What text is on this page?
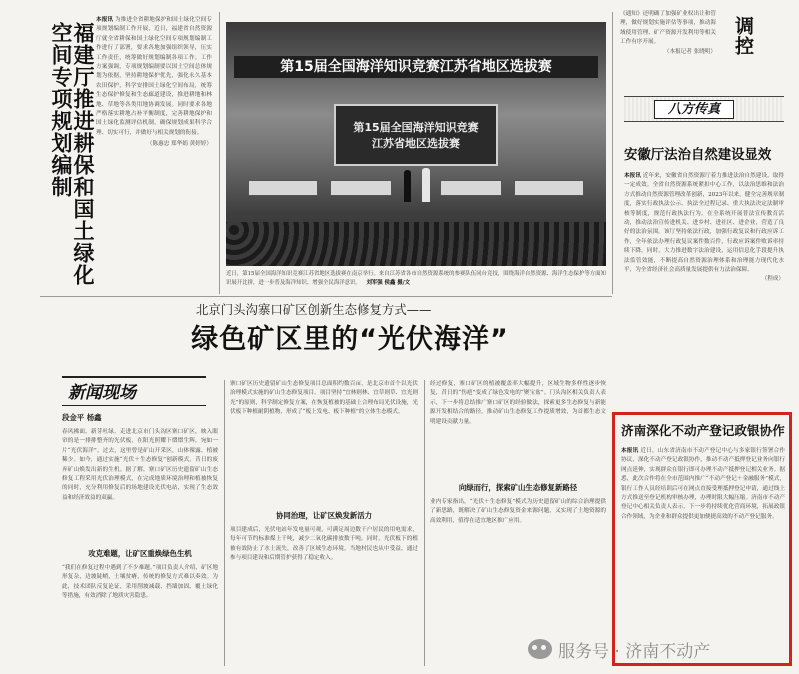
福建厅推进耕保和国土绿化空间专项规划编制
本报讯 为推进全省耕地保护和国土绿化空间专项规划编制工作开展，近日，福建省自然资源厅就全省耕保和国土绿化空间专项规划编制工作进行了部署，要求各地加强组织领导，压实工作责任，统筹做好规划编制各项工作。工作方案强调，专项规划编制要以国土空间总体规划为依据，坚持耕地保护优先，强化永久基本农田保护，科学安排国土绿化空间布局，统筹生态保护修复和生态廊道建设，推进耕地和林地、草地等各类用地协调发展。同时要求各地严格落实耕地占补平衡制度，完善耕地保护和国土绿化监测评估机制，确保规划成果科学合理、切实可行，并做好与相关规划的衔接。
（陈惠忠 郑华娟 黄婷婷）
第15届全国海洋知识竞赛江苏省地区选拔赛
第15届全国海洋知识竞赛
江苏省地区选拔赛
近日，第15届全国海洋知识竞赛江苏省地区选拔赛在南京举行。来自江苏省各市自然资源系统的参赛队伍同台竞技，围绕海洋自然资源、海洋生态保护等方面知识展开比拼，进一步普及海洋知识、增强全民海洋意识。 刘军强 侯鑫 摄/文
《通知》还明确了加强矿业权出让和管理，做好规划实施评估等事项，推动海域使用管理、矿产资源开发利用等相关工作有序开展。
（本报记者 张晓明） 调控
八方传真
安徽厅法治自然建设显效
本报讯 近年来，安徽省自然资源厅着力推进法治自然建设，取得一定成效。全省自然资源系统紧扣中心工作，以法治思维和法治方式推动自然资源管理改革创新，2023年以来，健全完善规章制度，落实行政执法公示、执法全过程记录、重大执法决定法制审核等制度，规范行政执法行为。在全系统开展普法宣传教育活动，推动法治宣传进机关、进乡村、进社区、进企业，营造了良好的法治氛围。该厅坚持依法行政，加强行政复议和行政应诉工作，全年依法办理行政复议案件数百件，行政应诉案件败诉率持续下降。同时，大力推进数字法治建设，运用信息化手段提升执法监管效能，不断提高自然资源治理体系和治理能力现代化水平，为全省经济社会高质量发展提供有力法治保障。
（程成）
北京门头沟寨口矿区创新生态修复方式——
绿色矿区里的“光伏海洋”
新闻现场
段金平 杨鑫
春风拂面，新芽吐绿。走进北京市门头沟区寨口矿区，映入眼帘的是一排排整齐的光伏板，在阳光照耀下熠熠生辉，宛如一片“光伏海洋”。过去，这里曾是矿山开采区，山体裸露、植被稀少。如今，通过实施“光伏＋生态修复”创新模式，昔日的废弃矿山焕发出新的生机。据了解，寨口矿区历史遗留矿山生态修复工程采用光伏治理模式，在完成地质环境治理和植被恢复的同时，充分利用修复后的场地建设光伏电站，实现了生态效益和经济效益的双赢。
攻克难题，让矿区重焕绿色生机
“我们在修复过程中遇到了不少难题。”项目负责人介绍，矿区地形复杂，边坡陡峭，土壤贫瘠，传统的修复方式难以奏效。为此，技术团队反复论证，采用削坡减载、挡墙加固、覆土绿化等措施，有效消除了地质灾害隐患。
寨口矿区历史遗留矿山生态修复项目总面积约数百亩，是北京市首个以光伏治理模式实施的矿山生态修复项目。项目坚持“宜林则林、宜草则草、宜光则光”的原则，科学制定修复方案，在恢复植被的基础上合理布局光伏设施，光伏板下种植耐阴植物，形成了“板上发电、板下种植”的立体生态模式。
协同治理，让矿区焕发新活力
项目建成后，光伏电站年发电量可观，可满足周边数千户居民的用电需求，每年可节约标准煤上千吨，减少二氧化碳排放数千吨。同时，光伏板下的植被有效防止了水土流失，改善了区域生态环境。当地村民也从中受益，通过参与项目建设和后期管护获得了稳定收入。
经过修复，寨口矿区的植被覆盖率大幅提升，区域生物多样性逐步恢复，昔日的“伤疤”变成了绿色发电的“聚宝盆”。门头沟区相关负责人表示，下一步将总结推广寨口矿区的经验做法，探索更多生态修复与新能源开发相结合的路径，推动矿山生态修复工作提质增效，为首都生态文明建设贡献力量。
向绿而行，探索矿山生态修复新路径
业内专家指出，“光伏＋生态修复”模式为历史遗留矿山的综合治理提供了新思路，既解决了矿山生态修复资金来源问题，又实现了土地资源的高效利用，值得在适宜地区推广应用。
济南深化不动产登记政银协作
本报讯 近日，山东省济南市不动产登记中心与多家银行签署合作协议，深化不动产登记政银协作，推动不动产抵押登记业务向银行网点延伸，实现群众在银行即可办理不动产抵押登记相关业务。据悉，此次合作将在全市范围内推广“不动产登记＋金融服务”模式，银行工作人员经培训后可在网点直接受理抵押登记申请，通过线上方式推送至登记机构审核办理，办理时限大幅压缩。济南市不动产登记中心相关负责人表示，下一步将持续优化营商环境，拓展政银合作领域，为企业和群众提供更加便捷高效的不动产登记服务。
服务号 · 济南不动产
